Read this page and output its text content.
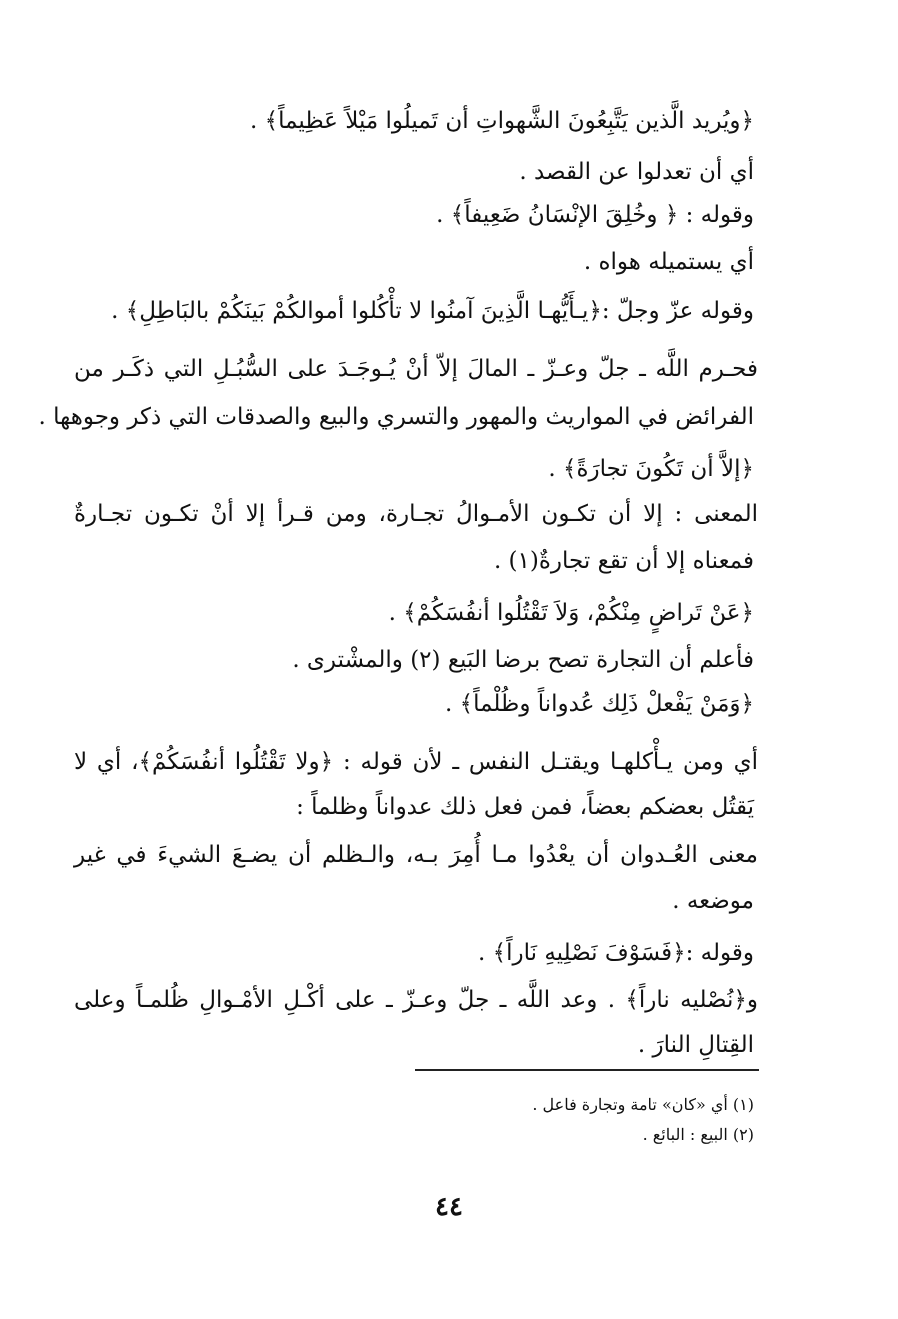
﴿ويُريد الَّذين يَتَّبِعُونَ الشَّهواتِ أن تَميلُوا مَيْلاً عَظِيماً﴾ .
أي أن تعدلوا عن القصد .
وقوله : ﴿ وخُلِقَ الإنْسَانُ ضَعِيفاً﴾ .
أي يستميله هواه .
وقوله عزّ وجلّ :﴿يـأَيُّهـا الَّذِينَ آمنُوا لا تأْكُلوا أموالكُمْ بَينَكُمْ بالبَاطِلِ﴾ .
فحـرم اللَّه ـ جلّ وعـزّ ـ المالَ إلاّ أنْ يُـوجَـدَ على السُّبُـلِ التي ذكَـر من
الفرائض في المواريث والمهور والتسري والبيع والصدقات التي ذكر وجوهها .
﴿إلاَّ أن تَكُونَ تجارَةً﴾ .
المعنى : إلا أن تكـون الأمـوالُ تجـارة، ومن قـرأ إلا أنْ تكـون تجـارةٌ
فمعناه إلا أن تقع تجارةٌ(١) .
﴿عَنْ تَراضٍ مِنْكُمْ، وَلاَ تَقْتُلُوا أنفُسَكُمْ﴾ .
فأعلم أن التجارة تصح برضا البَيع (٢) والمشْترى .
﴿وَمَنْ يَفْعلْ ذَلِك عُدواناً وظُلْماً﴾ .
أي ومن يـأْكلهـا ويقتـل النفس ـ لأن قوله : ﴿ولا تَقْتُلُوا أنفُسَكُمْ﴾، أي لا
يَقتُل بعضكم بعضاً، فمن فعل ذلك عدواناً وظلماً :
معنى العُـدوان أن يعْدُوا مـا أُمِرَ بـه، والـظلم أن يضـعَ الشيءَ في غير
موضعه .
وقوله :﴿فَسَوْفَ نَصْلِيهِ نَاراً﴾ .
و﴿نُصْليه ناراً﴾ . وعد اللَّه ـ جلّ وعـزّ ـ على أكْـلِ الأمْـوالِ ظُلمـاً وعلى
القِتالِ النارَ .
(١) أي «كان» تامة وتجارة فاعل .
(٢) البيع : البائع .
٤٤
